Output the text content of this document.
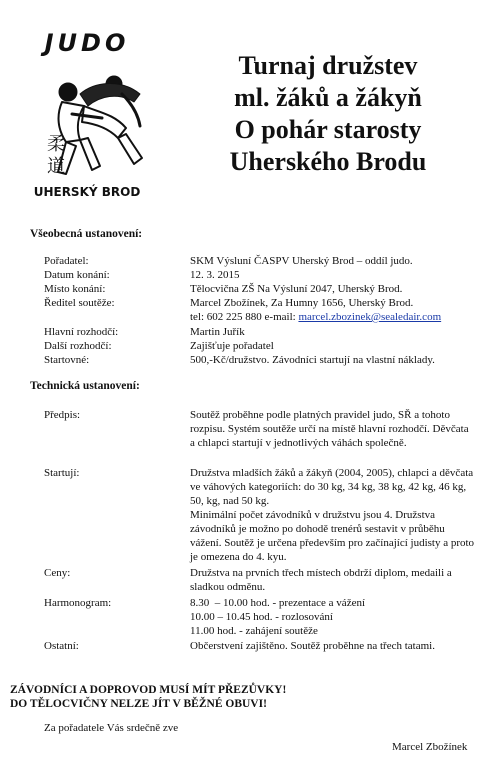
JUDO
柔
道
UHERSKÝ BROD
Turnaj družstev
ml. žáků a žákyň
O pohár starosty
Uherského Brodu
Všeobecná ustanovení:
Pořadatel:	SKM Výsluní ČASPV Uherský Brod – oddíl judo.
Datum konání:	12. 3. 2015
Místo konání:	Tělocvična ZŠ Na Výsluní 2047, Uherský Brod.
Ředitel soutěže:	Marcel Zbožínek, Za Humny 1656, Uherský Brod.
tel: 602 225 880 e-mail: marcel.zbozinek@sealedair.com
Hlavní rozhodčí:	Martin Juřík
Další rozhodčí:	Zajišťuje pořadatel
Startovné:	500,-Kč/družstvo. Závodníci startují na vlastní náklady.
Technická ustanovení:
Předpis:	Soutěž proběhne podle platných pravidel judo, SŘ a tohoto rozpisu. Systém soutěže určí na místě hlavní rozhodčí. Děvčata a chlapci startují v jednotlivých váhách společně.
Startují:	Družstva mladších žáků a žákyň (2004, 2005), chlapci a děvčata ve váhových kategoriích: do 30 kg, 34 kg, 38 kg, 42 kg, 46 kg, 50, kg, nad 50 kg.
Minimální počet závodníků v družstvu jsou 4. Družstva závodníků je možno po dohodě trenérů sestavit v průběhu vážení. Soutěž je určena především pro začínající judisty a proto je omezena do 4. kyu.
Ceny:	Družstva na prvních třech místech obdrží diplom, medaili a sladkou odměnu.
Harmonogram:	8.30  – 10.00 hod. - prezentace a vážení
10.00 – 10.45 hod. - rozlosování
11.00 hod. - zahájení soutěže
Ostatní:	Občerstvení zajištěno. Soutěž proběhne na třech tatami.
ZÁVODNÍCI A DOPROVOD MUSÍ MÍT PŘEZŮVKY!
DO TĚLOCVIČNY NELZE JÍT V BĚŽNÉ OBUVI!
Za pořadatele Vás srdečně zve
Marcel Zbožínek
